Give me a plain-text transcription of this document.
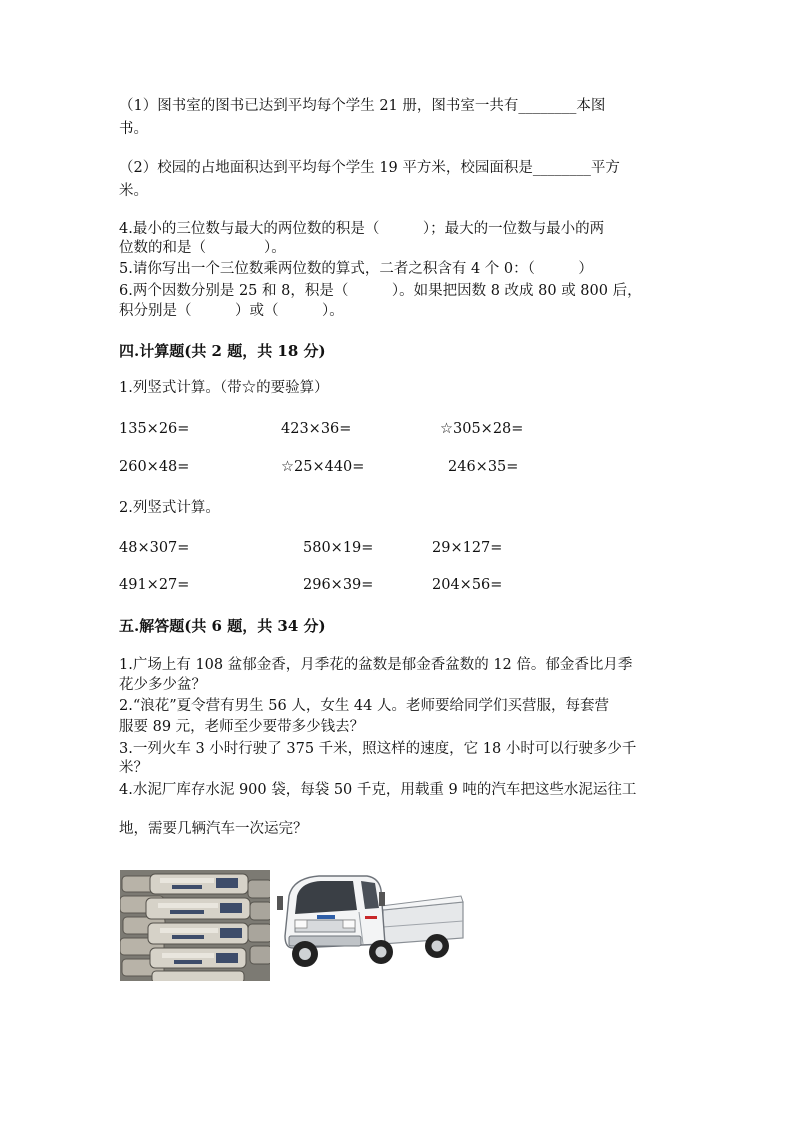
（1）图书室的图书已达到平均每个学生 21 册，图书室一共有________本图
书。
（2）校园的占地面积达到平均每个学生 19 平方米，校园面积是________平方
米。
4.最小的三位数与最大的两位数的积是（　　　）；最大的一位数与最小的两
位数的和是（　　　　）。
5.请你写出一个三位数乘两位数的算式，二者之积含有 4 个 0：（　　　）
6.两个因数分别是 25 和 8，积是（　　　）。如果把因数 8 改成 80 或 800 后，
积分别是（　　　）或（　　　）。
四.计算题(共 2 题，共 18 分)
1.列竖式计算。（带☆的要验算）
135×26=	423×36=	☆305×28=
260×48=	☆25×440=	246×35=
2.列竖式计算。
48×307=	580×19=	29×127=
491×27=	296×39=	204×56=
五.解答题(共 6 题，共 34 分)
1.广场上有 108 盆郁金香，月季花的盆数是郁金香盆数的 12 倍。郁金香比月季
花少多少盆？
2.“浪花”夏令营有男生 56 人，女生 44 人。老师要给同学们买营服，每套营
服要 89 元，老师至少要带多少钱去？
3.一列火车 3 小时行驶了 375 千米，照这样的速度，它 18 小时可以行驶多少千
米？
4.水泥厂库存水泥 900 袋，每袋 50 千克，用载重 9 吨的汽车把这些水泥运往工
地，需要几辆汽车一次运完？
